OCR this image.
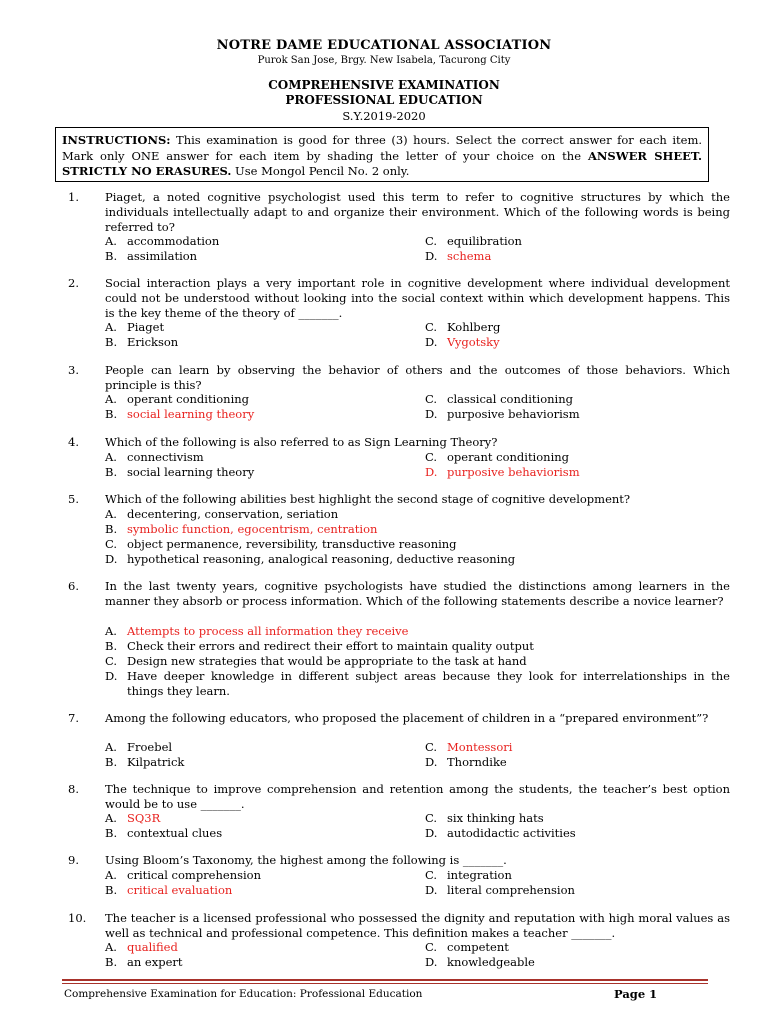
NOTRE DAME EDUCATIONAL ASSOCIATION
Purok San Jose, Brgy. New Isabela, Tacurong City
COMPREHENSIVE EXAMINATION
PROFESSIONAL EDUCATION
S.Y.2019-2020
INSTRUCTIONS: This examination is good for three (3) hours. Select the correct answer for each item. Mark only ONE answer for each item by shading the letter of your choice on the ANSWER SHEET. STRICTLY NO ERASURES. Use Mongol Pencil No. 2 only.
1. Piaget, a noted cognitive psychologist used this term to refer to cognitive structures by which the individuals intellectually adapt to and organize their environment. Which of the following words is being referred to?
A. accommodation	C. equilibration
B. assimilation	D. schema
2. Social interaction plays a very important role in cognitive development where individual development could not be understood without looking into the social context within which development happens. This is the key theme of the theory of _______.
A. Piaget	C. Kohlberg
B. Erickson	D. Vygotsky
3. People can learn by observing the behavior of others and the outcomes of those behaviors. Which principle is this?
A. operant conditioning	C. classical conditioning
B. social learning theory	D. purposive behaviorism
4. Which of the following is also referred to as Sign Learning Theory?
A. connectivism	C. operant conditioning
B. social learning theory	D. purposive behaviorism
5. Which of the following abilities best highlight the second stage of cognitive development?
A. decentering, conservation, seriation
B. symbolic function, egocentrism, centration
C. object permanence, reversibility, transductive reasoning
D. hypothetical reasoning, analogical reasoning, deductive reasoning
6. In the last twenty years, cognitive psychologists have studied the distinctions among learners in the manner they absorb or process information. Which of the following statements describe a novice learner?
A. Attempts to process all information they receive
B. Check their errors and redirect their effort to maintain quality output
C. Design new strategies that would be appropriate to the task at hand
D. Have deeper knowledge in different subject areas because they look for interrelationships in the things they learn.
7. Among the following educators, who proposed the placement of children in a “prepared environment”?
A. Froebel	C. Montessori
B. Kilpatrick	D. Thorndike
8. The technique to improve comprehension and retention among the students, the teacher’s best option would be to use _______.
A. SQ3R	C. six thinking hats
B. contextual clues	D. autodidactic activities
9. Using Bloom’s Taxonomy, the highest among the following is _______.
A. critical comprehension	C. integration
B. critical evaluation	D. literal comprehension
10. The teacher is a licensed professional who possessed the dignity and reputation with high moral values as well as technical and professional competence. This definition makes a teacher _______.
A. qualified	C. competent
B. an expert	D. knowledgeable
Comprehensive Examination for Education: Professional Education	Page 1
